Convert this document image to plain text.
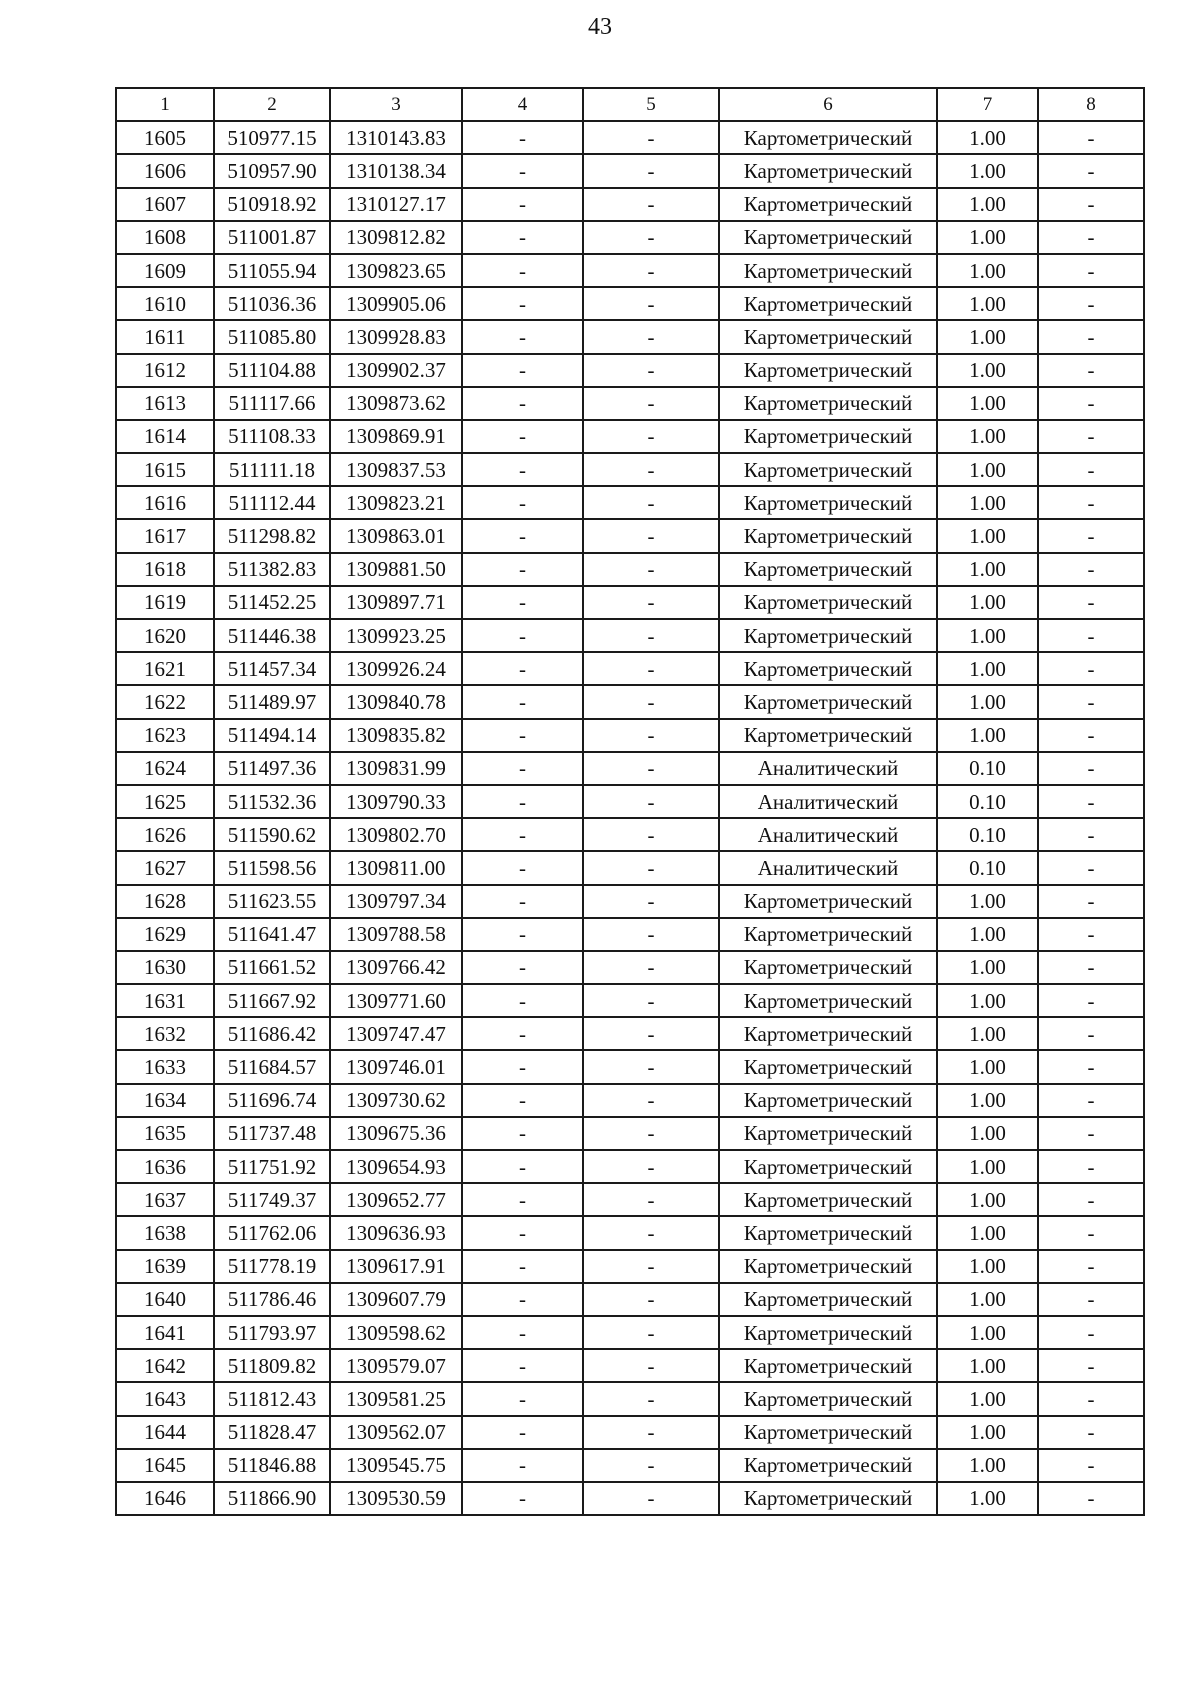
43
1	2	3	4	5	6	7	8
1605	510977.15	1310143.83	-	-	Картометрический	1.00	-
1606	510957.90	1310138.34	-	-	Картометрический	1.00	-
1607	510918.92	1310127.17	-	-	Картометрический	1.00	-
1608	511001.87	1309812.82	-	-	Картометрический	1.00	-
1609	511055.94	1309823.65	-	-	Картометрический	1.00	-
1610	511036.36	1309905.06	-	-	Картометрический	1.00	-
1611	511085.80	1309928.83	-	-	Картометрический	1.00	-
1612	511104.88	1309902.37	-	-	Картометрический	1.00	-
1613	511117.66	1309873.62	-	-	Картометрический	1.00	-
1614	511108.33	1309869.91	-	-	Картометрический	1.00	-
1615	511111.18	1309837.53	-	-	Картометрический	1.00	-
1616	511112.44	1309823.21	-	-	Картометрический	1.00	-
1617	511298.82	1309863.01	-	-	Картометрический	1.00	-
1618	511382.83	1309881.50	-	-	Картометрический	1.00	-
1619	511452.25	1309897.71	-	-	Картометрический	1.00	-
1620	511446.38	1309923.25	-	-	Картометрический	1.00	-
1621	511457.34	1309926.24	-	-	Картометрический	1.00	-
1622	511489.97	1309840.78	-	-	Картометрический	1.00	-
1623	511494.14	1309835.82	-	-	Картометрический	1.00	-
1624	511497.36	1309831.99	-	-	Аналитический	0.10	-
1625	511532.36	1309790.33	-	-	Аналитический	0.10	-
1626	511590.62	1309802.70	-	-	Аналитический	0.10	-
1627	511598.56	1309811.00	-	-	Аналитический	0.10	-
1628	511623.55	1309797.34	-	-	Картометрический	1.00	-
1629	511641.47	1309788.58	-	-	Картометрический	1.00	-
1630	511661.52	1309766.42	-	-	Картометрический	1.00	-
1631	511667.92	1309771.60	-	-	Картометрический	1.00	-
1632	511686.42	1309747.47	-	-	Картометрический	1.00	-
1633	511684.57	1309746.01	-	-	Картометрический	1.00	-
1634	511696.74	1309730.62	-	-	Картометрический	1.00	-
1635	511737.48	1309675.36	-	-	Картометрический	1.00	-
1636	511751.92	1309654.93	-	-	Картометрический	1.00	-
1637	511749.37	1309652.77	-	-	Картометрический	1.00	-
1638	511762.06	1309636.93	-	-	Картометрический	1.00	-
1639	511778.19	1309617.91	-	-	Картометрический	1.00	-
1640	511786.46	1309607.79	-	-	Картометрический	1.00	-
1641	511793.97	1309598.62	-	-	Картометрический	1.00	-
1642	511809.82	1309579.07	-	-	Картометрический	1.00	-
1643	511812.43	1309581.25	-	-	Картометрический	1.00	-
1644	511828.47	1309562.07	-	-	Картометрический	1.00	-
1645	511846.88	1309545.75	-	-	Картометрический	1.00	-
1646	511866.90	1309530.59	-	-	Картометрический	1.00	-
